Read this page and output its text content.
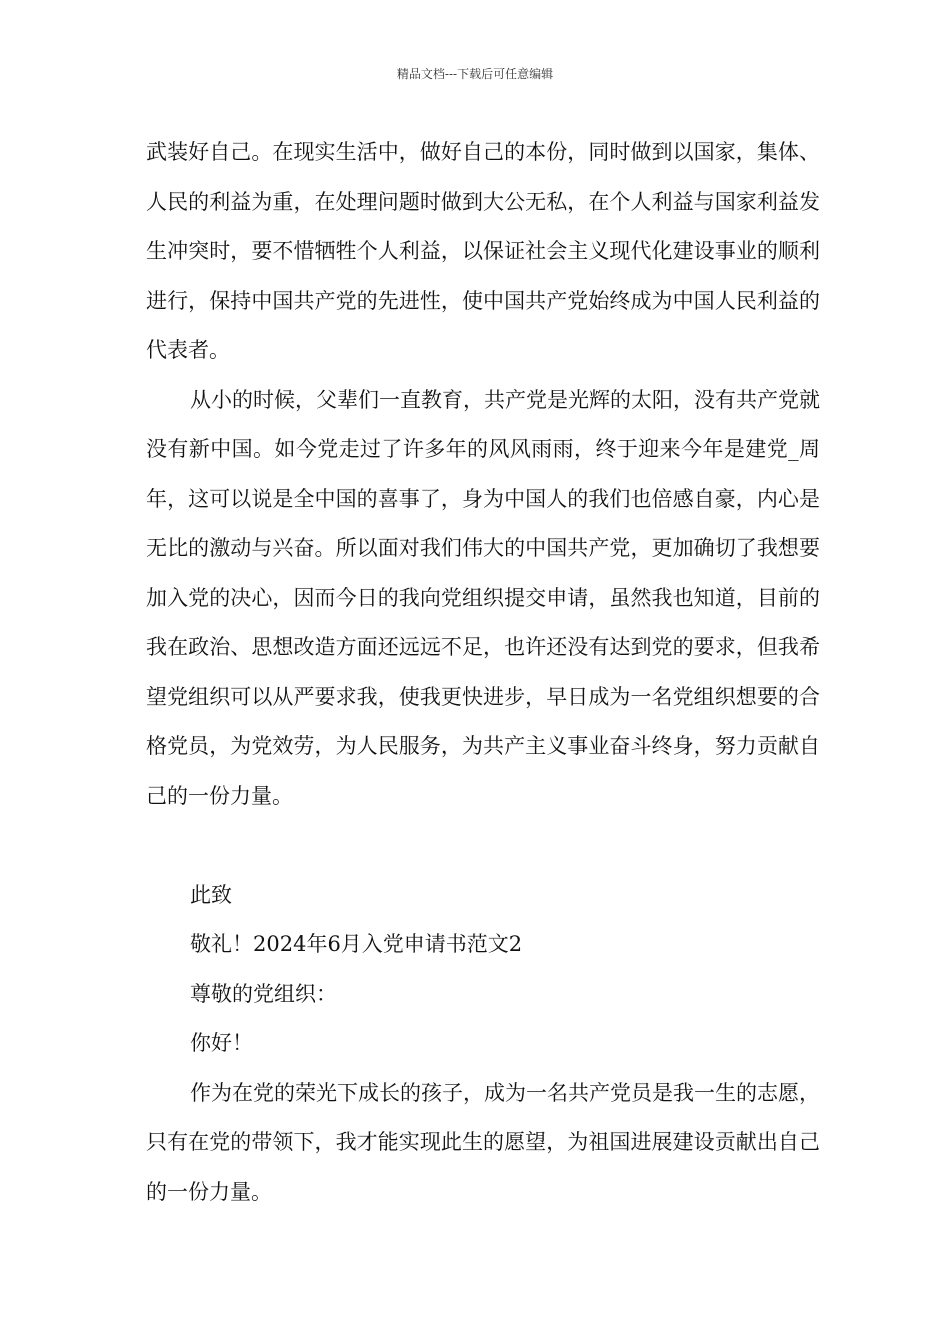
精品文档---下载后可任意编辑

武装好自己。在现实生活中，做好自己的本份，同时做到以国家，集体、人民的利益为重，在处理问题时做到大公无私，在个人利益与国家利益发生冲突时，要不惜牺牲个人利益，以保证社会主义现代化建设事业的顺利进行，保持中国共产党的先进性，使中国共产党始终成为中国人民利益的代表者。

从小的时候，父辈们一直教育，共产党是光辉的太阳，没有共产党就没有新中国。如今党走过了许多年的风风雨雨，终于迎来今年是建党_周年，这可以说是全中国的喜事了，身为中国人的我们也倍感自豪，内心是无比的激动与兴奋。所以面对我们伟大的中国共产党，更加确切了我想要加入党的决心，因而今日的我向党组织提交申请，虽然我也知道，目前的我在政治、思想改造方面还远远不足，也许还没有达到党的要求，但我希望党组织可以从严要求我，使我更快进步，早日成为一名党组织想要的合格党员，为党效劳，为人民服务，为共产主义事业奋斗终身，努力贡献自己的一份力量。

此致

敬礼！2024年6月入党申请书范文2

尊敬的党组织：

你好！

作为在党的荣光下成长的孩子，成为一名共产党员是我一生的志愿，只有在党的带领下，我才能实现此生的愿望，为祖国进展建设贡献出自己的一份力量。
